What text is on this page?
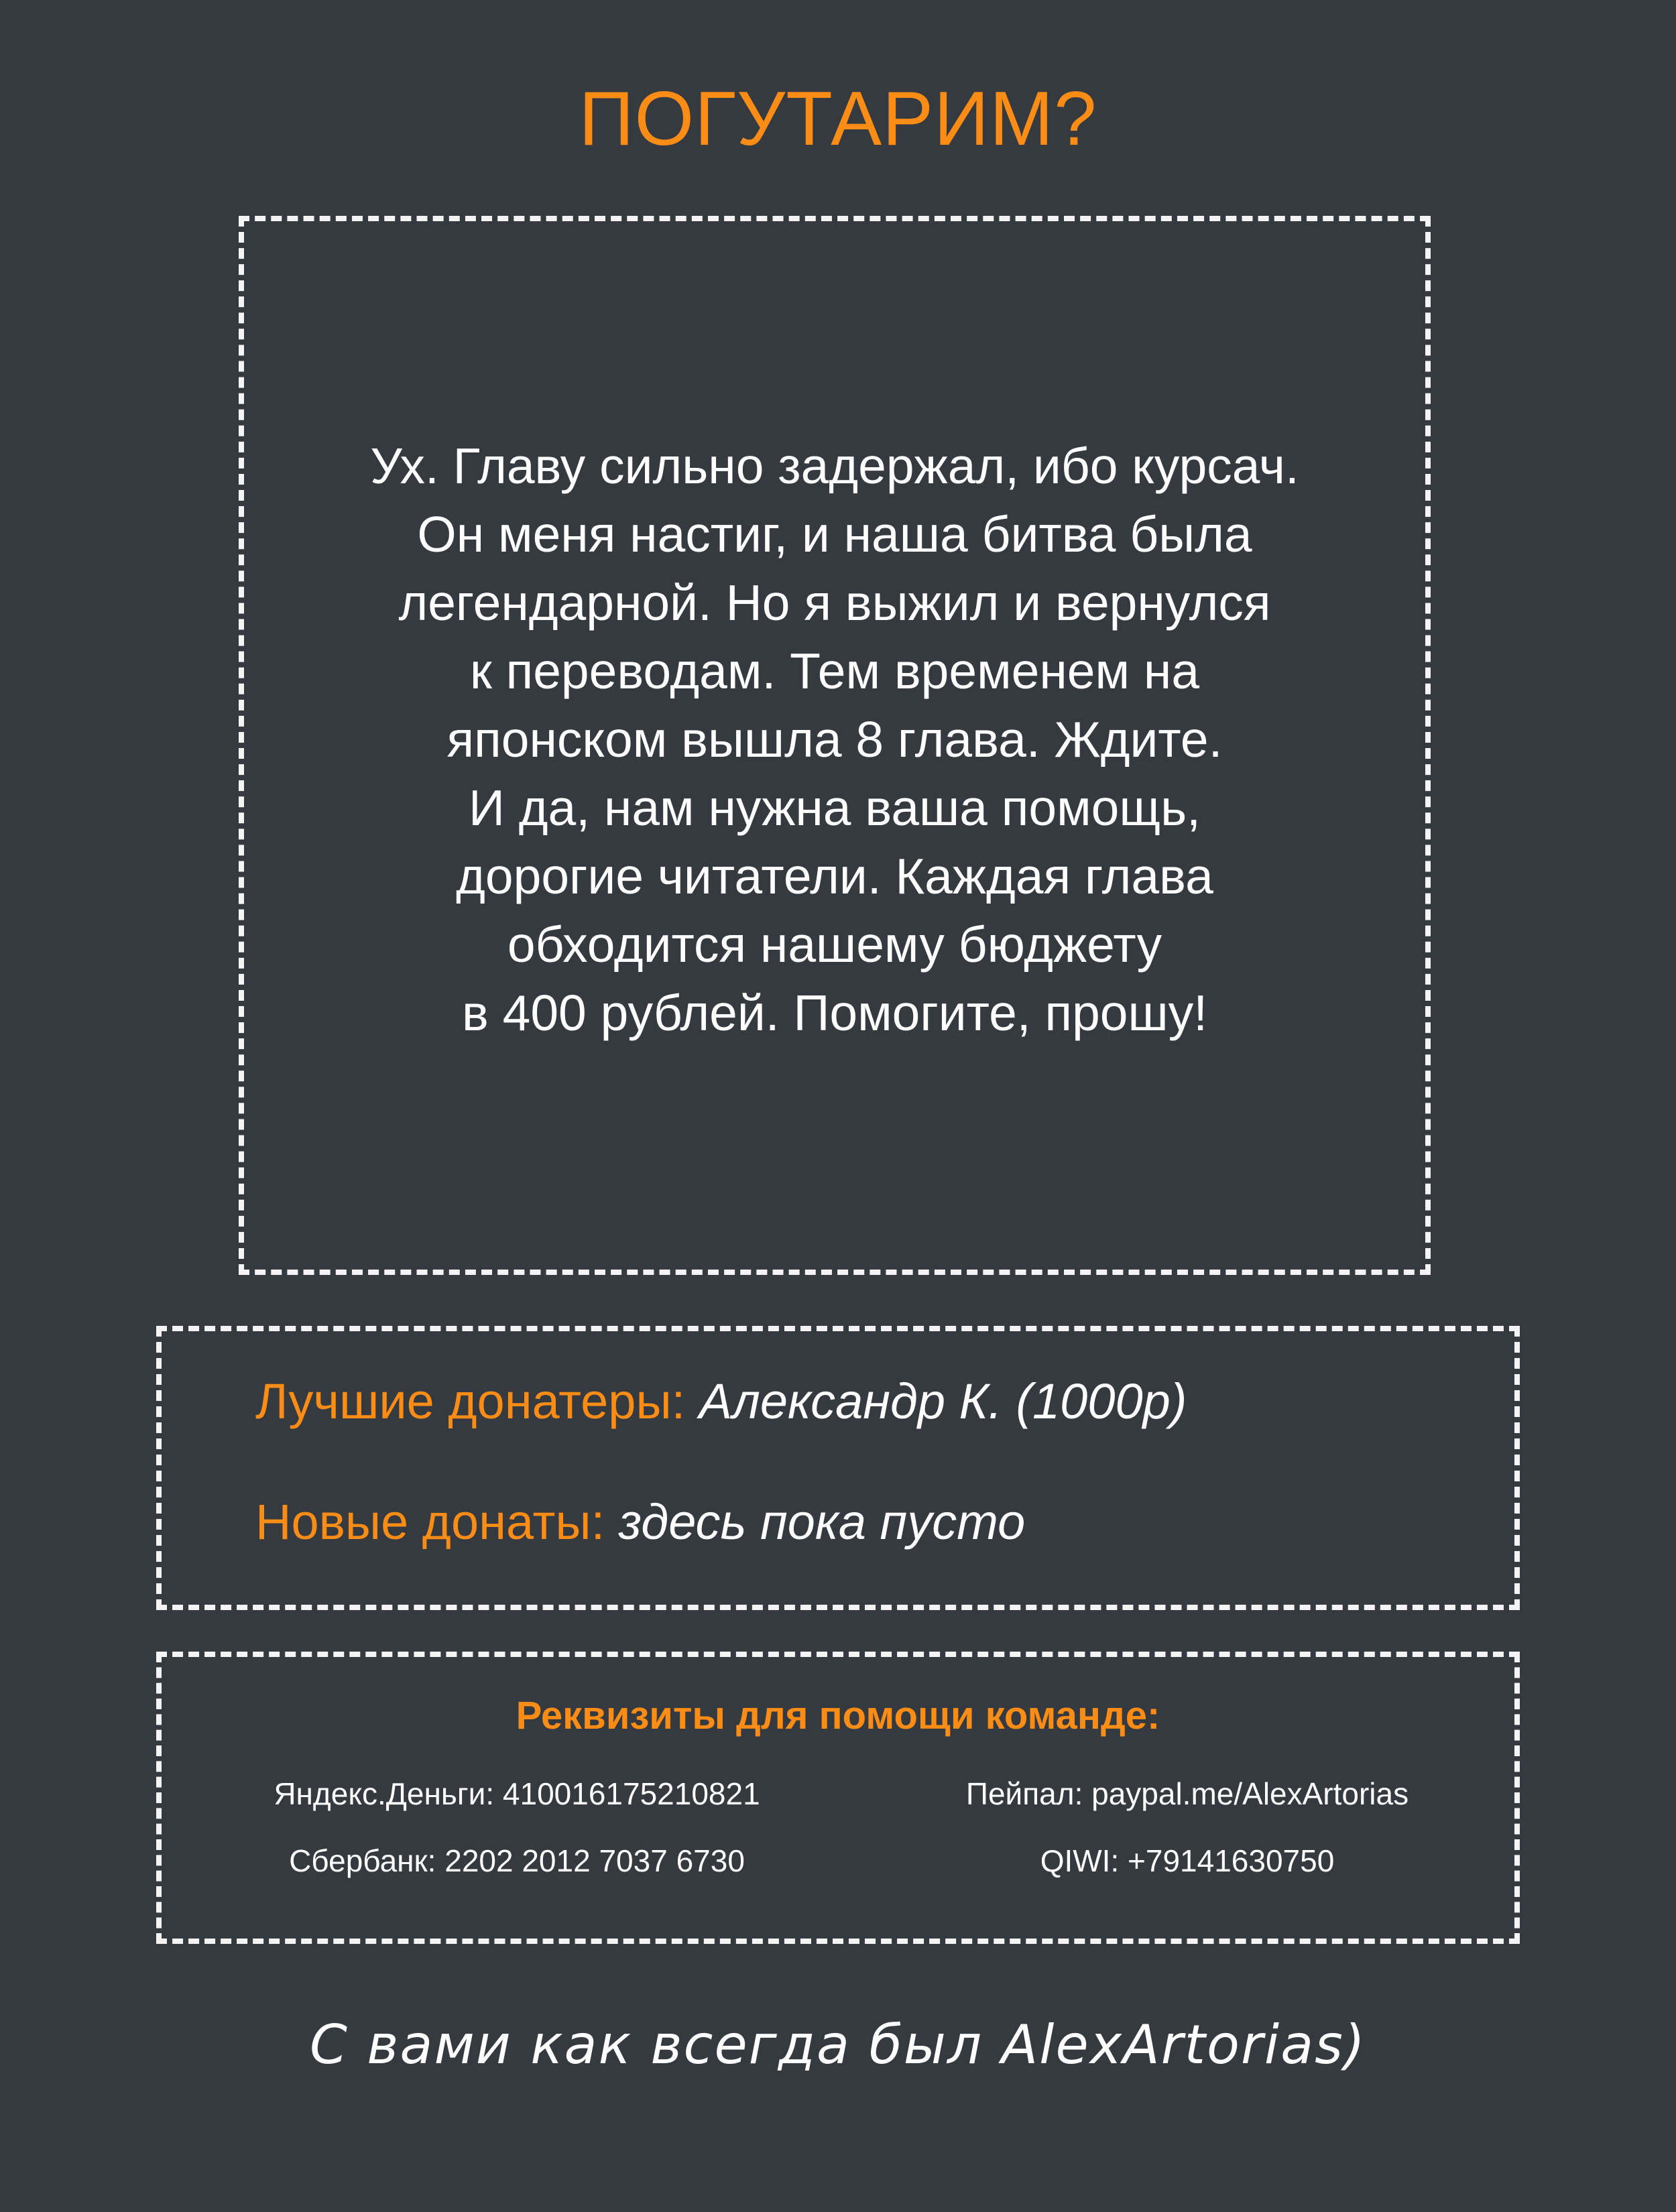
ПОГУТАРИМ?

Ух. Главу сильно задержал, ибо курсач.
Он меня настиг, и наша битва была
легендарной. Но я выжил и вернулся
к переводам. Тем временем на
японском вышла 8 глава. Ждите.
И да, нам нужна ваша помощь,
дорогие читатели. Каждая глава
обходится нашему бюджету
в 400 рублей. Помогите, прошу!

Лучшие донатеры: Александр К. (1000р)
Новые донаты: здесь пока пусто
Реквизиты для помощи команде:
Яндекс.Деньги: 410016175210821	Пейпал: paypal.me/AlexArtorias
Сбербанк: 2202 2012 7037 6730	QIWI: +79141630750
С вами как всегда был AlexArtorias)
